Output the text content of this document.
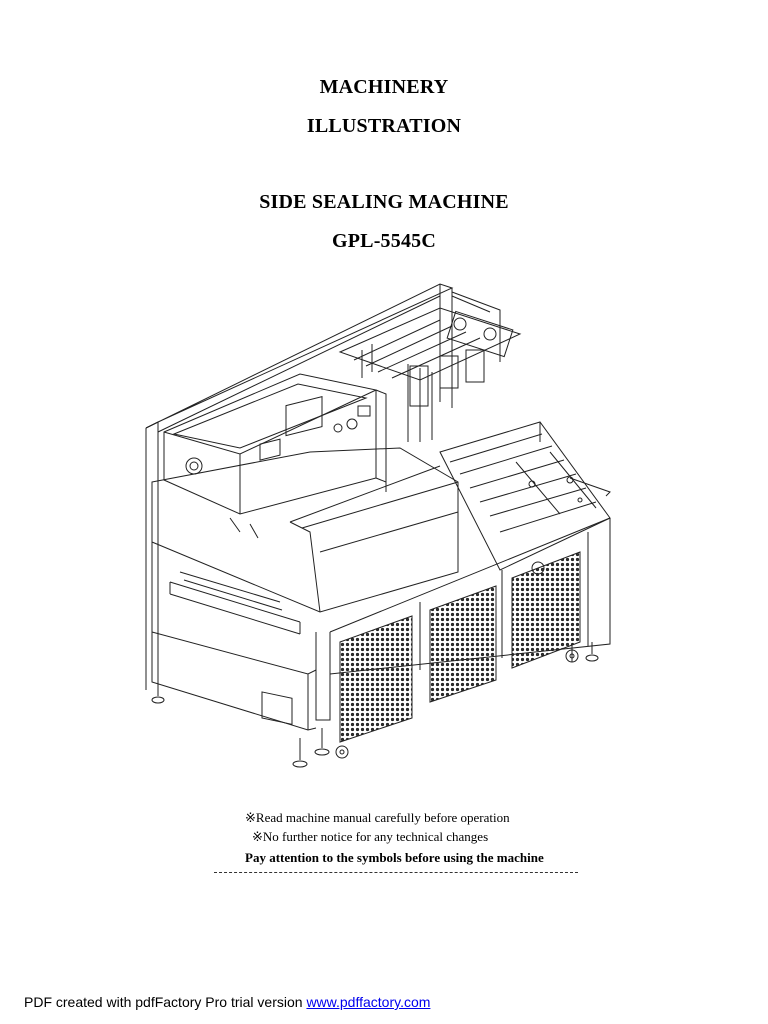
MACHINERY
ILLUSTRATION
SIDE SEALING MACHINE
GPL-5545C
※Read machine manual carefully before operation
※No further notice for any technical changes
Pay attention to the symbols before using the machine
PDF created with pdfFactory Pro trial version www.pdffactory.com
